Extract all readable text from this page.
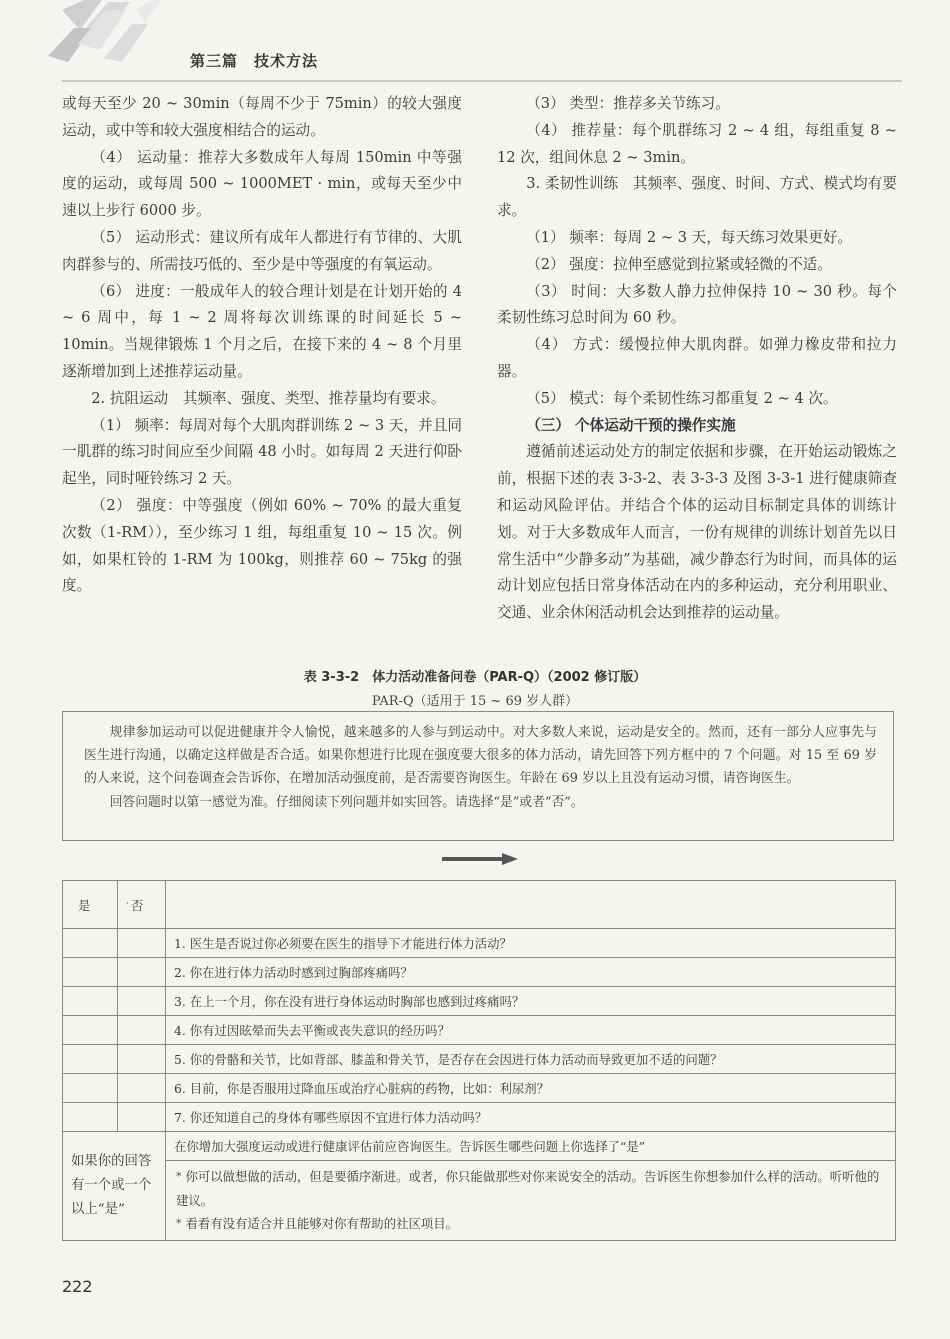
第三篇　技术方法

或每天至少 20 ~ 30min（每周不少于 75min）的较大强度运动，或中等和较大强度相结合的运动。

（4） 运动量：推荐大多数成年人每周 150min 中等强度的运动，或每周 500 ~ 1000MET · min，或每天至少中速以上步行 6000 步。

（5） 运动形式：建议所有成年人都进行有节律的、大肌肉群参与的、所需技巧低的、至少是中等强度的有氧运动。

（6） 进度：一般成年人的较合理计划是在计划开始的 4 ~ 6 周中，每 1 ~ 2 周将每次训练课的时间延长 5 ~ 10min。当规律锻炼 1 个月之后，在接下来的 4 ~ 8 个月里逐渐增加到上述推荐运动量。

2. 抗阻运动　其频率、强度、类型、推荐量均有要求。

（1） 频率：每周对每个大肌肉群训练 2 ~ 3 天，并且同一肌群的练习时间应至少间隔 48 小时。如每周 2 天进行仰卧起坐，同时哑铃练习 2 天。

（2） 强度：中等强度（例如 60% ~ 70% 的最大重复次数（1-RM）），至少练习 1 组，每组重复 10 ~ 15 次。例如，如果杠铃的 1-RM 为 100kg，则推荐 60 ~ 75kg 的强度。

（3） 类型：推荐多关节练习。

（4） 推荐量：每个肌群练习 2 ~ 4 组，每组重复 8 ~ 12 次，组间休息 2 ~ 3min。

3. 柔韧性训练　其频率、强度、时间、方式、模式均有要求。

（1） 频率：每周 2 ~ 3 天，每天练习效果更好。

（2） 强度：拉伸至感觉到拉紧或轻微的不适。

（3） 时间：大多数人静力拉伸保持 10 ~ 30 秒。每个柔韧性练习总时间为 60 秒。

（4） 方式：缓慢拉伸大肌肉群。如弹力橡皮带和拉力器。

（5） 模式：每个柔韧性练习都重复 2 ~ 4 次。

（三） 个体运动干预的操作实施

遵循前述运动处方的制定依据和步骤，在开始运动锻炼之前，根据下述的表 3-3-2、表 3-3-3 及图 3-3-1 进行健康筛查和运动风险评估。并结合个体的运动目标制定具体的训练计划。对于大多数成年人而言，一份有规律的训练计划首先以日常生活中“少静多动”为基础，减少静态行为时间，而具体的运动计划应包括日常身体活动在内的多种运动，充分利用职业、交通、业余休闲活动机会达到推荐的运动量。

表 3-3-2　体力活动准备问卷（PAR-Q）（2002 修订版）
PAR-Q（适用于 15 ~ 69 岁人群）

规律参加运动可以促进健康并令人愉悦，越来越多的人参与到运动中。对大多数人来说，运动是安全的。然而，还有一部分人应事先与医生进行沟通，以确定这样做是否合适。如果你想进行比现在强度要大很多的体力活动，请先回答下列方框中的 7 个问题。对 15 至 69 岁的人来说，这个问卷调查会告诉你，在增加活动强度前，是否需要咨询医生。年龄在 69 岁以上且没有运动习惯，请咨询医生。

回答问题时以第一感觉为准。仔细阅读下列问题并如实回答。请选择“是”或者“否”。

是	, 否	
		1. 医生是否说过你必须要在医生的指导下才能进行体力活动？
		2. 你在进行体力活动时感到过胸部疼痛吗？
		3. 在上一个月，你在没有进行身体运动时胸部也感到过疼痛吗？
		4. 你有过因眩晕而失去平衡或丧失意识的经历吗？
		5. 你的骨骼和关节，比如背部、膝盖和骨关节，是否存在会因进行体力活动而导致更加不适的问题？
		6. 目前，你是否服用过降血压或治疗心脏病的药物，比如：利尿剂？
		7. 你还知道自己的身体有哪些原因不宜进行体力活动吗？
如果你的回答有一个或一个以上“是”		在你增加大强度运动或进行健康评估前应咨询医生。告诉医生哪些问题上你选择了“是”

		* 你可以做想做的活动，但是要循序渐进。或者，你只能做那些对你来说安全的活动。告诉医生你想参加什么样的活动。听听他的建议。
* 看看有没有适合并且能够对你有帮助的社区项目。
222
